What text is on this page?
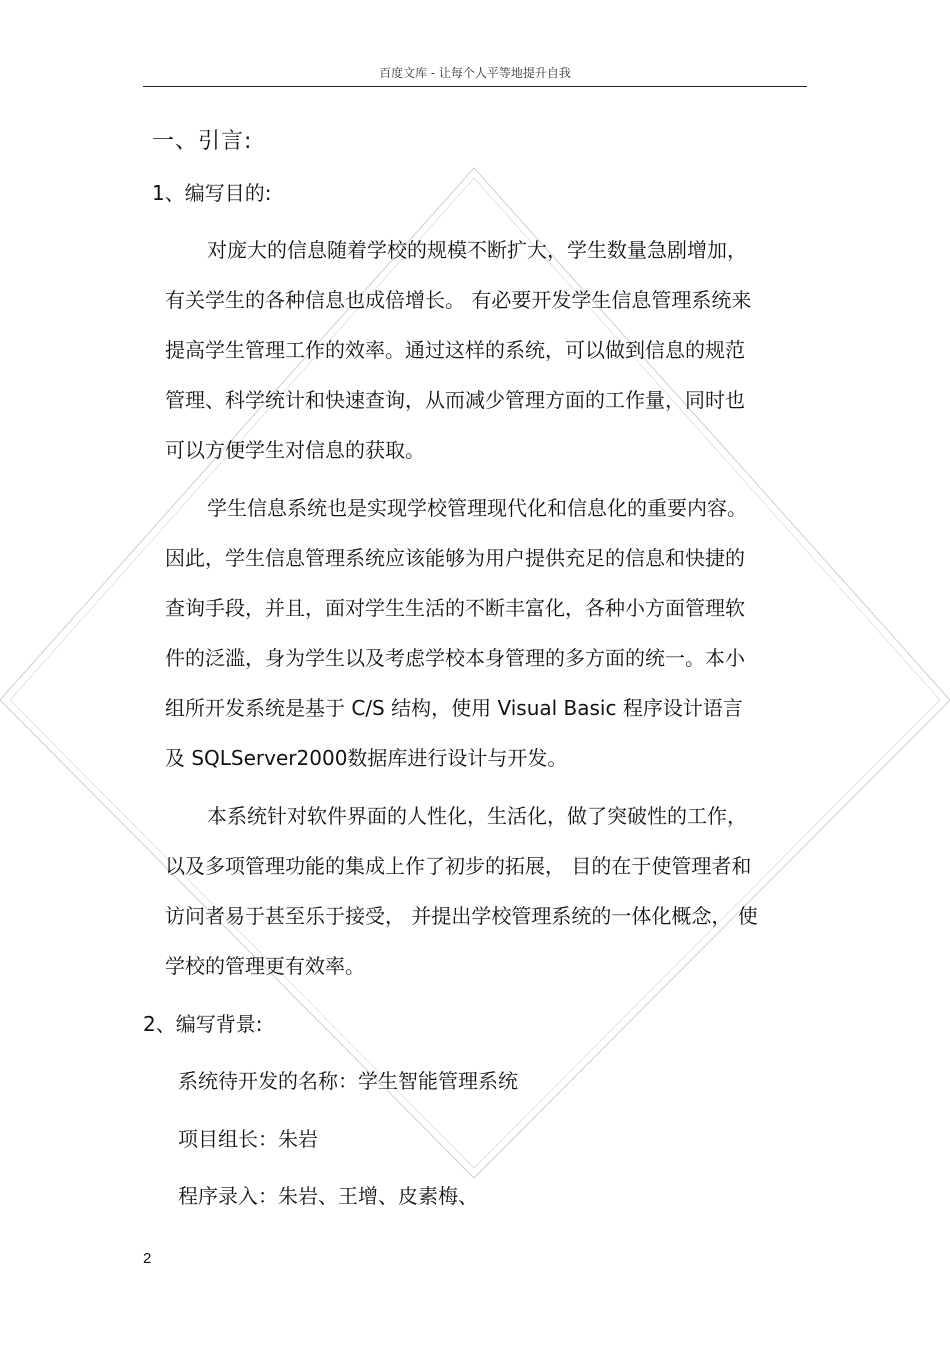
百度文库 - 让每个人平等地提升自我
一、引言:
1、编写目的:
对庞大的信息随着学校的规模不断扩大，学生数量急剧增加，
有关学生的各种信息也成倍增长。 有必要开发学生信息管理系统来
提高学生管理工作的效率。通过这样的系统，可以做到信息的规范
管理、科学统计和快速查询，从而减少管理方面的工作量，同时也
可以方便学生对信息的获取。
学生信息系统也是实现学校管理现代化和信息化的重要内容。
因此，学生信息管理系统应该能够为用户提供充足的信息和快捷的
查询手段，并且，面对学生生活的不断丰富化，各种小方面管理软
件的泛滥，身为学生以及考虑学校本身管理的多方面的统一。本小
组所开发系统是基于 C/S 结构，使用 Visual Basic 程序设计语言
及 SQLServer2000数据库进行设计与开发。
本系统针对软件界面的人性化，生活化，做了突破性的工作，
以及多项管理功能的集成上作了初步的拓展， 目的在于使管理者和
访问者易于甚至乐于接受， 并提出学校管理系统的一体化概念， 使
学校的管理更有效率。
2、编写背景:
系统待开发的名称：学生智能管理系统
项目组长：朱岩
程序录入：朱岩、王增、皮素梅、
2
